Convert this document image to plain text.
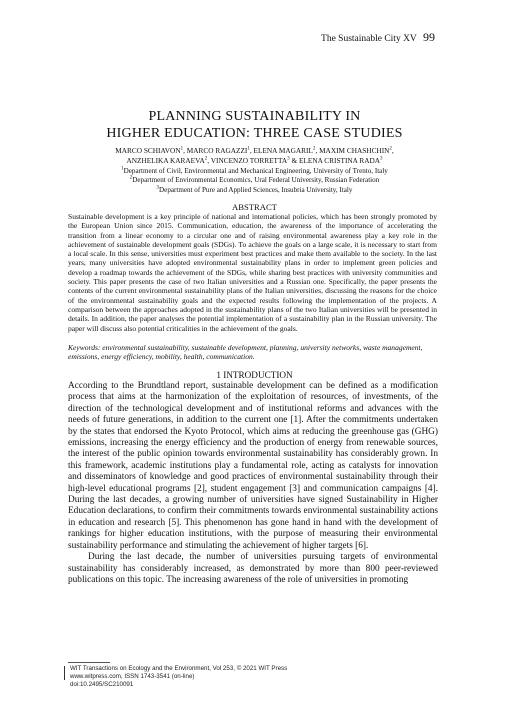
The Sustainable City XV 99
PLANNING SUSTAINABILITY IN
HIGHER EDUCATION: THREE CASE STUDIES
MARCO SCHIAVON$^1$, MARCO RAGAZZI$^1$, ELENA MAGARIL$^2$, MAXIM CHASHCHIN$^2$,
ANZHELIKA KARAEVA$^2$, VINCENZO TORRETTA$^3$ & ELENA CRISTINA RADA$^3$
$^1$Department of Civil, Environmental and Mechanical Engineering, University of Trento, Italy
$^2$Department of Environmental Economics, Ural Federal University, Russian Federation
$^3$Department of Pure and Applied Sciences, Insubria University, Italy
ABSTRACT

Sustainable development is a key principle of national and international policies, which has been strongly promoted by the European Union since 2015. Communication, education, the awareness of the importance of accelerating the transition from a linear economy to a circular one and of raising environmental awareness play a key role in the achievement of sustainable development goals (SDGs). To achieve the goals on a large scale, it is necessary to start from a local scale. In this sense, universities must experiment best practices and make them available to the society. In the last years, many universities have adopted environmental sustainability plans in order to implement green policies and develop a roadmap towards the achievement of the SDGs, while sharing best practices with university communities and society. This paper presents the case of two Italian universities and a Russian one. Specifically, the paper presents the contents of the current environmental sustainability plans of the Italian universities, discussing the reasons for the choice of the environmental sustainability goals and the expected results following the implementation of the projects. A comparison between the approaches adopted in the sustainability plans of the two Italian universities will be presented in details. In addition, the paper analyses the potential implementation of a sustainability plan in the Russian university. The paper will discuss also potential criticalities in the achievement of the goals.

Keywords: environmental sustainability, sustainable development, planning, university networks, waste management, emissions, energy efficiency, mobility, health, communication.
1 INTRODUCTION

According to the Brundtland report, sustainable development can be defined as a modification process that aims at the harmonization of the exploitation of resources, of investments, of the direction of the technological development and of institutional reforms and advances with the needs of future generations, in addition to the current one [1]. After the commitments undertaken by the states that endorsed the Kyoto Protocol, which aims at reducing the greenhouse gas (GHG) emissions, increasing the energy efficiency and the production of energy from renewable sources, the interest of the public opinion towards environmental sustainability has considerably grown. In this framework, academic institutions play a fundamental role, acting as catalysts for innovation and disseminators of knowledge and good practices of environmental sustainability through their high-level educational programs [2], student engagement [3] and communication campaigns [4]. During the last decades, a growing number of universities have signed Sustainability in Higher Education declarations, to confirm their commitments towards environmental sustainability actions in education and research [5]. This phenomenon has gone hand in hand with the development of rankings for higher education institutions, with the purpose of measuring their environmental sustainability performance and stimulating the achievement of higher targets [6].

During the last decade, the number of universities pursuing targets of environmental sustainability has considerably increased, as demonstrated by more than 800 peer-reviewed publications on this topic. The increasing awareness of the role of universities in promoting

WIT Transactions on Ecology and the Environment, Vol 253, © 2021 WIT Press
www.witpress.com, ISSN 1743-3541 (on-line)
doi:10.2495/SC210091
